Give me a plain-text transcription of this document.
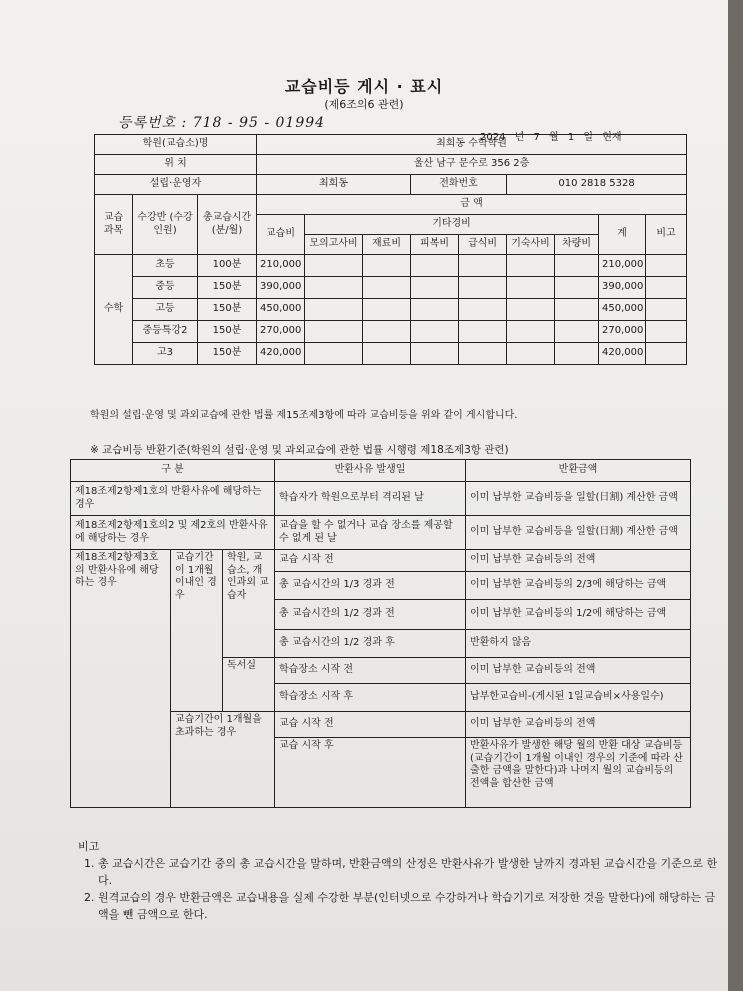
교습비등 게시 · 표시
(제6조의6 관련)
등록번호 : 718 - 95 - 01994
2024 년 7 월 1 일 현재
학원(교습소)명			최희동 수학학원								
위 치			울산 남구 문수로 356 2층								
설립·운영자			최희동			전화번호		010 2818 5328			
교습 과목	수강반 (수강인원)	총교습시간 (분/월)	금 액								
			교습비	기타경비						계	비고
				모의고사비	재료비	피복비	급식비	기숙사비	차량비		
수학	초등	100분	210,000							210,000	
	중등	150분	390,000							390,000	
	고등	150분	450,000							450,000	
	중등특강2	150분	270,000							270,000	
	고3	150분	420,000							420,000	
학원의 설립·운영 및 과외교습에 관한 법률 제15조제3항에 따라 교습비등을 위와 같이 게시합니다.
※ 교습비등 반환기준(학원의 설립·운영 및 과외교습에 관한 법률 시행령 제18조제3항 관련)
구 분			반환사유 발생일	반환금액
제18조제2항제1호의 반환사유에 해당하는 경우			학습자가 학원으로부터 격리된 날	이미 납부한 교습비등을 일할(日割) 계산한 금액
제18조제2항제1호의2 및 제2호의 반환사유에 해당하는 경우			교습을 할 수 없거나 교습 장소를 제공할 수 없게 된 날	이미 납부한 교습비등을 일할(日割) 계산한 금액
제18조제2항제3호의 반환사유에 해당하는 경우	교습기간이 1개월 이내인 경우	학원, 교습소, 개인과외 교습자	교습 시작 전	이미 납부한 교습비등의 전액
			총 교습시간의 1/3 경과 전	이미 납부한 교습비등의 2/3에 해당하는 금액
			총 교습시간의 1/2 경과 전	이미 납부한 교습비등의 1/2에 해당하는 금액
			총 교습시간의 1/2 경과 후	반환하지 않음
		독서실	학습장소 시작 전	이미 납부한 교습비등의 전액
			학습장소 시작 후	납부한교습비-(게시된 1일교습비×사용일수)
	교습기간이 1개월을 초과하는 경우		교습 시작 전	이미 납부한 교습비등의 전액
			교습 시작 후	반환사유가 발생한 해당 월의 반환 대상 교습비등(교습기간이 1개월 이내인 경우의 기준에 따라 산출한 금액을 말한다)과 나머지 월의 교습비등의 전액을 합산한 금액
비고
1. 총 교습시간은 교습기간 중의 총 교습시간을 말하며, 반환금액의 산정은 반환사유가 발생한 날까지 경과된 교습시간을 기준으로 한다.
2. 원격교습의 경우 반환금액은 교습내용을 실제 수강한 부분(인터넷으로 수강하거나 학습기기로 저장한 것을 말한다)에 해당하는 금액을 뺀 금액으로 한다.
